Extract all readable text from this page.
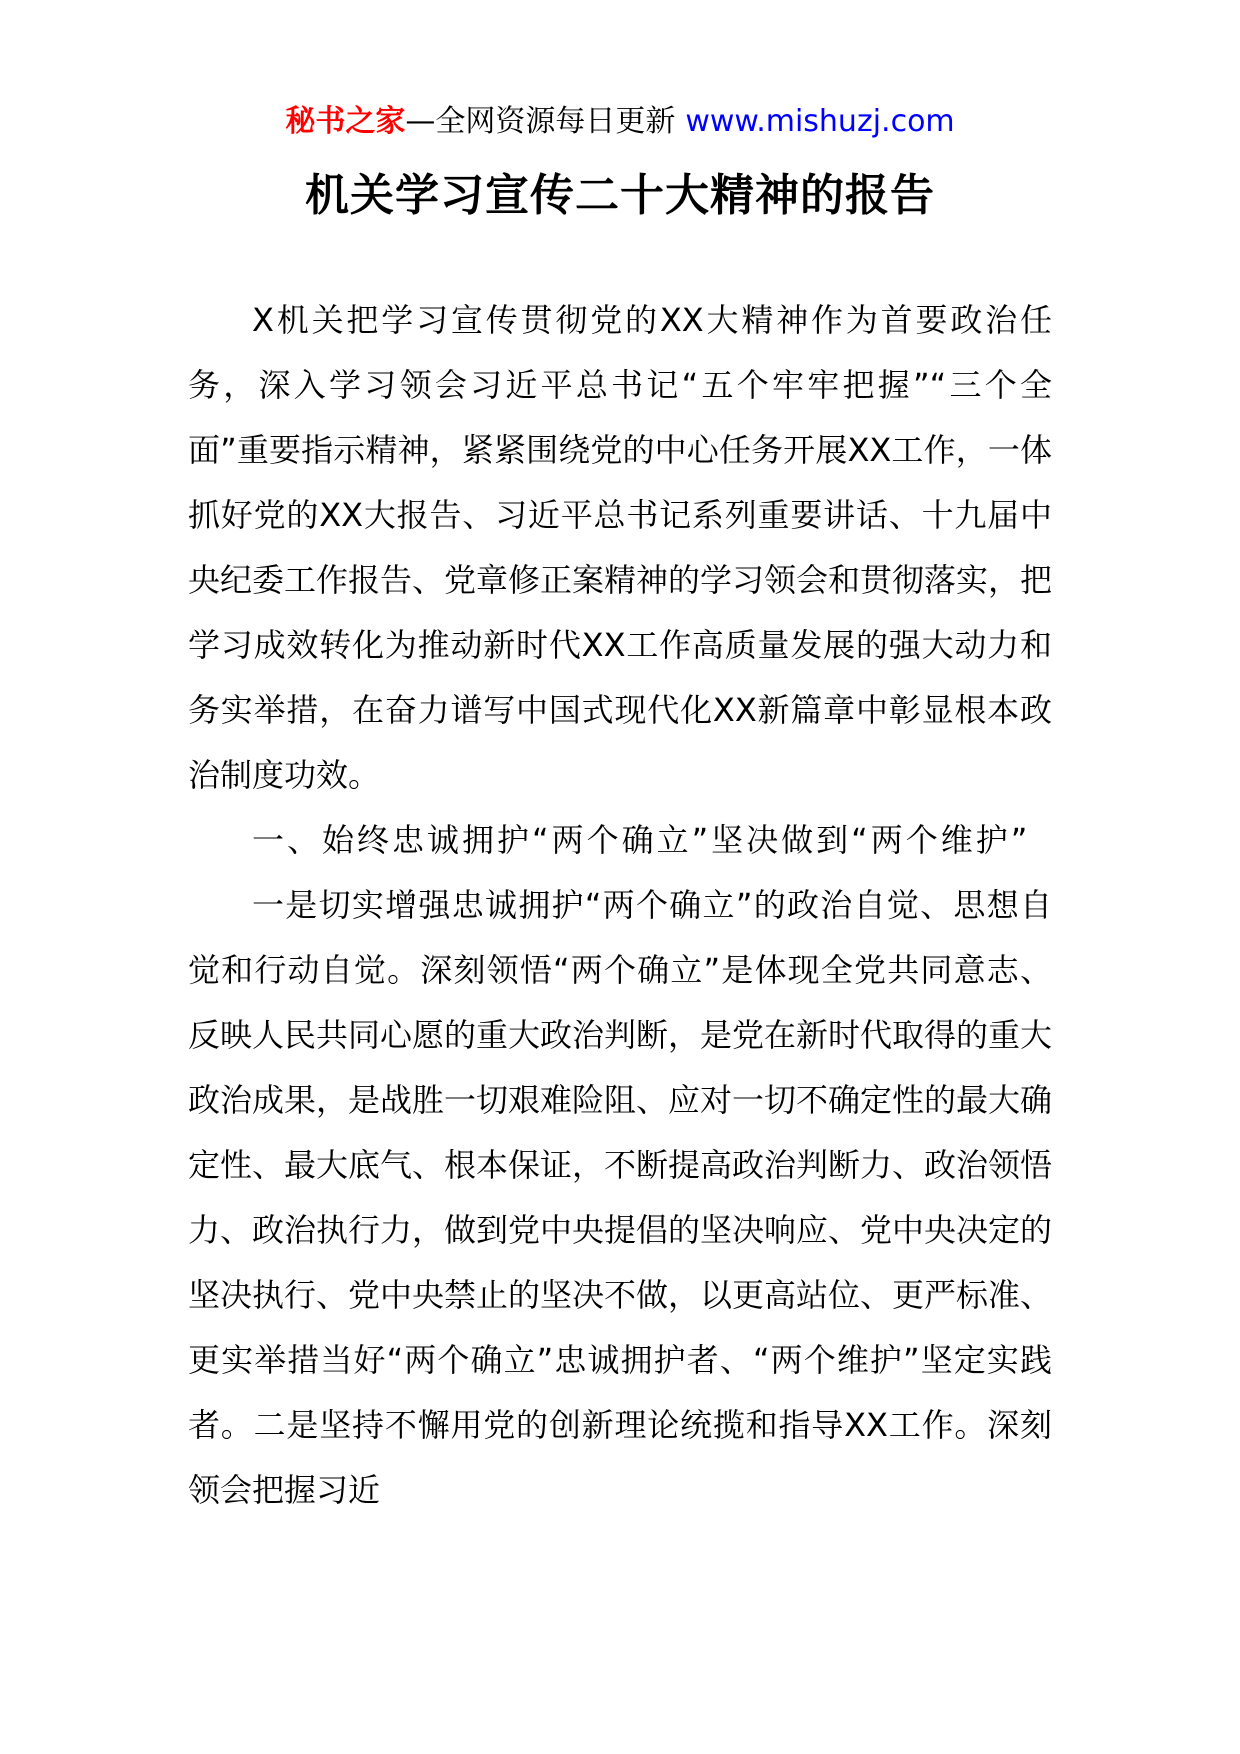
秘书之家—全网资源每日更新 www.mishuzj.com
机关学习宣传二十大精神的报告

X机关把学习宣传贯彻党的XX大精神作为首要政治任务，深入学习领会习近平总书记“五个牢牢把握”“三个全面”重要指示精神，紧紧围绕党的中心任务开展XX工作，一体抓好党的XX大报告、习近平总书记系列重要讲话、十九届中央纪委工作报告、党章修正案精神的学习领会和贯彻落实，把学习成效转化为推动新时代XX工作高质量发展的强大动力和务实举措，在奋力谱写中国式现代化XX新篇章中彰显根本政治制度功效。

一、始终忠诚拥护“两个确立”坚决做到“两个维护”

一是切实增强忠诚拥护“两个确立”的政治自觉、思想自觉和行动自觉。深刻领悟“两个确立”是体现全党共同意志、反映人民共同心愿的重大政治判断，是党在新时代取得的重大政治成果，是战胜一切艰难险阻、应对一切不确定性的最大确定性、最大底气、根本保证，不断提高政治判断力、政治领悟力、政治执行力，做到党中央提倡的坚决响应、党中央决定的坚决执行、党中央禁止的坚决不做，以更高站位、更严标准、更实举措当好“两个确立”忠诚拥护者、“两个维护”坚定实践者。二是坚持不懈用党的创新理论统揽和指导XX工作。深刻领会把握习近
